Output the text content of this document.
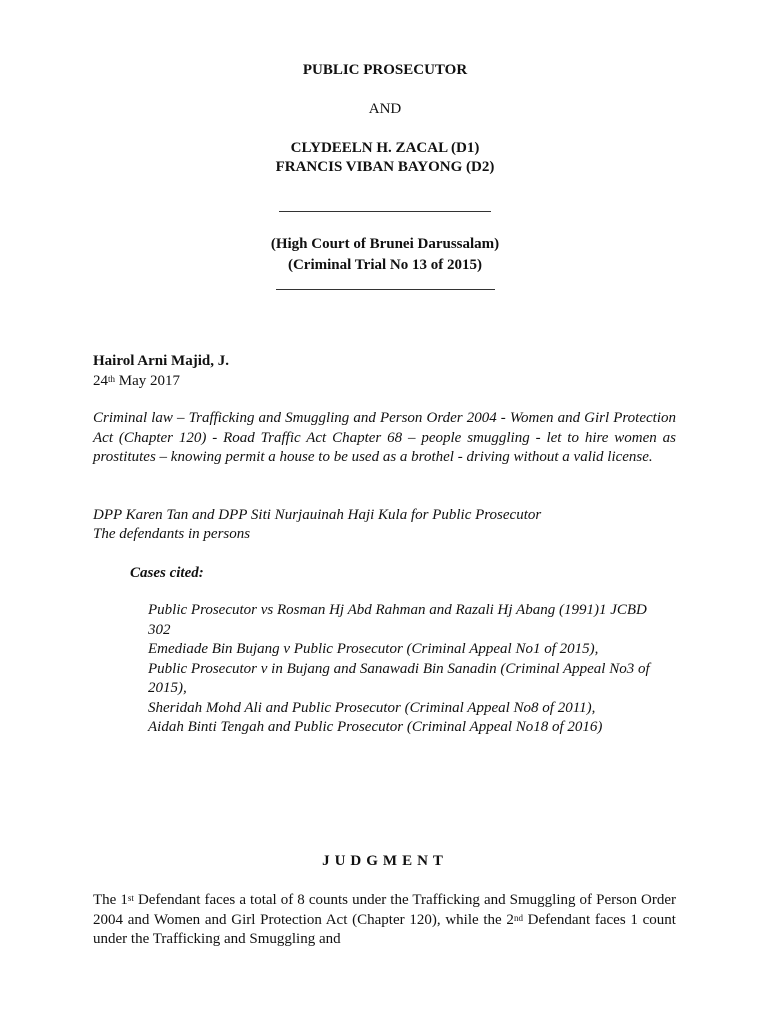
PUBLIC PROSECUTOR
AND
CLYDEELN H. ZACAL (D1)
FRANCIS VIBAN BAYONG (D2)
(High Court of Brunei Darussalam)
(Criminal Trial No 13 of 2015)
Hairol Arni Majid, J.
24th May 2017

Criminal law – Trafficking and Smuggling and Person Order 2004 - Women and Girl Protection Act (Chapter 120) - Road Traffic Act Chapter 68 – people smuggling - let to hire women as prostitutes – knowing permit a house to be used as a brothel - driving without a valid license.

DPP Karen Tan and DPP Siti Nurjauinah Haji Kula for Public Prosecutor
The defendants in persons
Cases cited:
Public Prosecutor vs Rosman Hj Abd Rahman and Razali Hj Abang (1991)1 JCBD 302
Emediade Bin Bujang v Public Prosecutor (Criminal Appeal No1 of 2015),
Public Prosecutor v in Bujang and Sanawadi Bin Sanadin (Criminal Appeal No3 of 2015),
Sheridah Mohd Ali and Public Prosecutor (Criminal Appeal No8 of 2011),
Aidah Binti Tengah and Public Prosecutor (Criminal Appeal No18 of 2016)
JUDGMENT

The 1st Defendant faces a total of 8 counts under the Trafficking and Smuggling of Person Order 2004 and Women and Girl Protection Act (Chapter 120), while the 2nd Defendant faces 1 count under the Trafficking and Smuggling and
